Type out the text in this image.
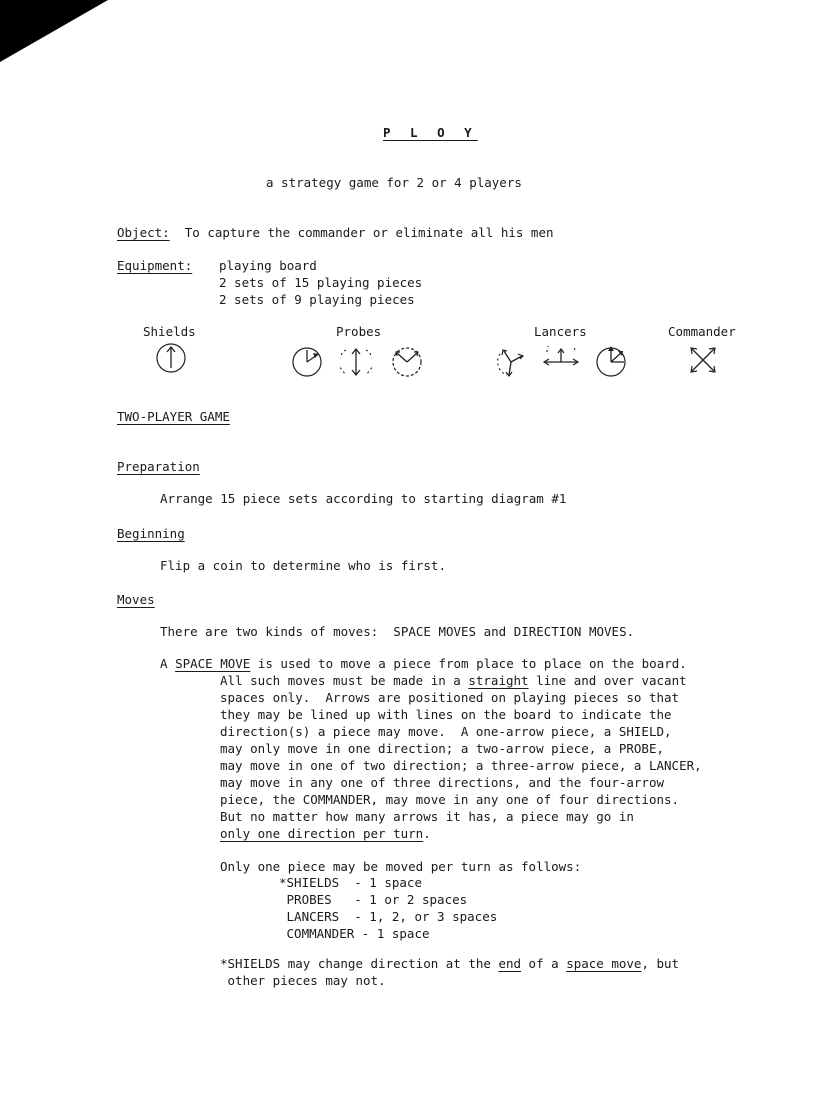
P L O Y
a strategy game for 2 or 4 players
Object: To capture the commander or eliminate all his men
Equipment: playing board
2 sets of 15 playing pieces
2 sets of 9 playing pieces
Shields	Probes	Lancers	Commander
TWO-PLAYER GAME
Preparation
Arrange 15 piece sets according to starting diagram #1
Beginning
Flip a coin to determine who is first.
Moves
There are two kinds of moves:  SPACE MOVES and DIRECTION MOVES.
A SPACE MOVE is used to move a piece from place to place on the board.
All such moves must be made in a straight line and over vacant
spaces only.  Arrows are positioned on playing pieces so that
they may be lined up with lines on the board to indicate the
direction(s) a piece may move.  A one-arrow piece, a SHIELD,
may only move in one direction; a two-arrow piece, a PROBE,
may move in one of two direction; a three-arrow piece, a LANCER,
may move in any one of three directions, and the four-arrow
piece, the COMMANDER, may move in any one of four directions.
But no matter how many arrows it has, a piece may go in
only one direction per turn.
Only one piece may be moved per turn as follows:
*SHIELDS  - 1 space
PROBES   - 1 or 2 spaces
LANCERS  - 1, 2, or 3 spaces
COMMANDER - 1 space
*SHIELDS may change direction at the end of a space move, but
other pieces may not.
